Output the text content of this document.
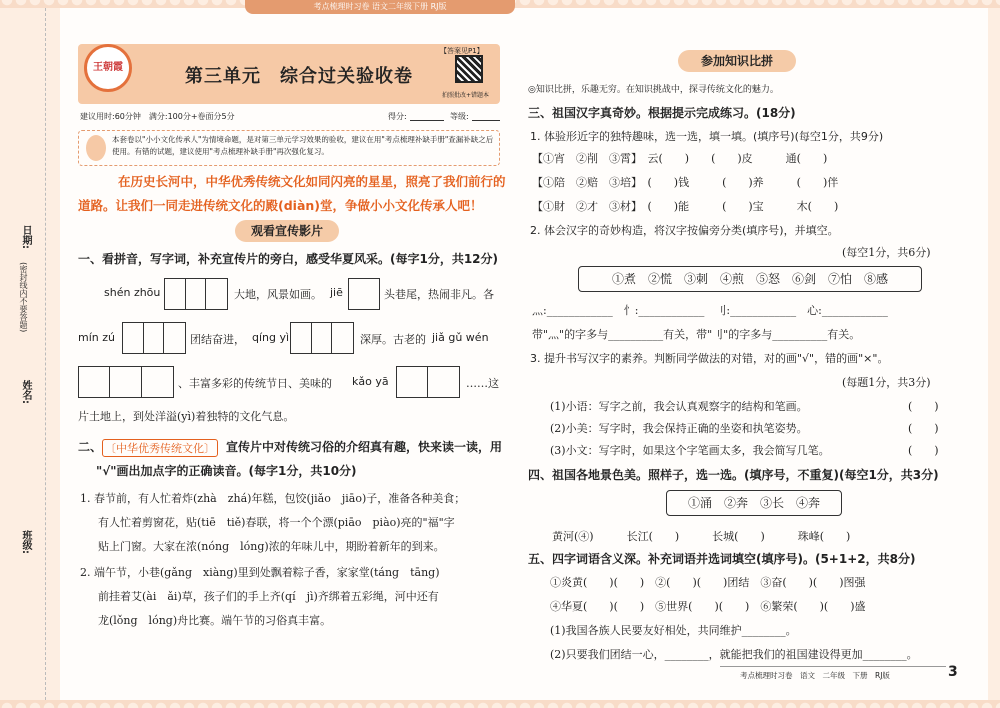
日期:
(密封线内不要答题)
姓名:
班级:
考点梳理时习卷 语文二年级下册 RJ版
王朝霞	第三单元　综合过关验收卷
【答案见P1】
拍照批改+错题本
建议用时:60分钟　满分:100分+卷面分5分	得分:	等级:
本套卷以"小小文化传承人"为情境命题，是对第三单元学习效果的验收，建议在用"考点梳理补缺手册"查漏补缺之后使用。有错的试题，建议使用"考点梳理补缺手册"再次强化复习。
在历史长河中，中华优秀传统文化如同闪亮的星星，照亮了我们前行的
道路。让我们一同走进传统文化的殿(diàn)堂，争做小小文化传承人吧！
观看宣传影片
一、看拼音，写字词，补充宣传片的旁白，感受华夏风采。(每字1分，共12分)
shén zhōu	大地，风景如画。 jiē	头巷尾，热闹非凡。各
mín zú	团结奋进， qíng yì	深厚。古老的 jiǎ gǔ wén
、丰富多彩的传统节日、美味的 kǎo yā	……这
片土地上，到处洋溢(yì)着独特的文化气息。
二、 〔中华优秀传统文化〕 宣传片中对传统习俗的介绍真有趣，快来读一读，用
"√"画出加点字的正确读音。(每字1分，共10分)
1. 春节前，有人忙着炸(zhà　zhá)年糕，包饺(jiǎo　jiāo)子，准备各种美食；
有人忙着剪窗花，贴(tiē　tiě)春联，将一个个漂(piāo　piào)亮的"福"字
贴上门窗。大家在浓(nóng　lóng)浓的年味儿中，期盼着新年的到来。
2. 端午节，小巷(gǎng　xiàng)里到处飘着粽子香，家家堂(táng　tāng)
前挂着艾(ài　ǎi)草，孩子们的手上齐(qí　jì)齐绑着五彩绳，河中还有
龙(lǒng　lóng)舟比赛。端午节的习俗真丰富。
参加知识比拼
◎知识比拼，乐趣无穷。在知识挑战中，探寻传统文化的魅力。
三、祖国汉字真奇妙。根据提示完成练习。(18分)
1. 体验形近字的独特趣味，选一选，填一填。(填序号)(每空1分，共9分)
【①宵　②削　③霄】　云(　　)　　(　　)皮　　　通(　　)
【①陪　②赔　③培】　(　　)钱　　　(　　)养　　　(　　)伴
【①財　②才　③材】　(　　)能　　　(　　)宝　　　木(　　)
2. 体会汉字的奇妙构造，将汉字按偏旁分类(填序号)，并填空。
(每空1分，共6分)
①煮　②慌　③刺　④煎　⑤怒　⑥剑　⑦怕　⑧感
灬:____________　忄:____________　刂:____________　心:____________
带"灬"的字多与__________有关，带"刂"的字多与__________有关。
3. 提升书写汉字的素养。判断同学做法的对错，对的画"√"，错的画"×"。
(每题1分，共3分)
(1)小语：写字之前，我会认真观察字的结构和笔画。	(　　)
(2)小美：写字时，我会保持正确的坐姿和执笔姿势。	(　　)
(3)小文：写字时，如果这个字笔画太多，我会简写几笔。	(　　)
四、祖国各地景色美。照样子，选一选。(填序号，不重复)(每空1分，共3分)
①涌　②奔　③长　④奔
黄河(④)　　　长江(　　)　　　长城(　　)　　　珠峰(　　)
五、四字词语含义深。补充词语并选词填空(填序号)。(5+1+2，共8分)
①炎黄(　　)(　　)　②(　　)(　　)团结　③奋(　　)(　　)图强
④华夏(　　)(　　)　⑤世界(　　)(　　)　⑥繁荣(　　)(　　)盛
(1)我国各族人民要友好相处，共同维护________。
(2)只要我们团结一心，________，就能把我们的祖国建设得更加________。
考点梳理时习卷　语文　二年级　下册　RJ版	3
